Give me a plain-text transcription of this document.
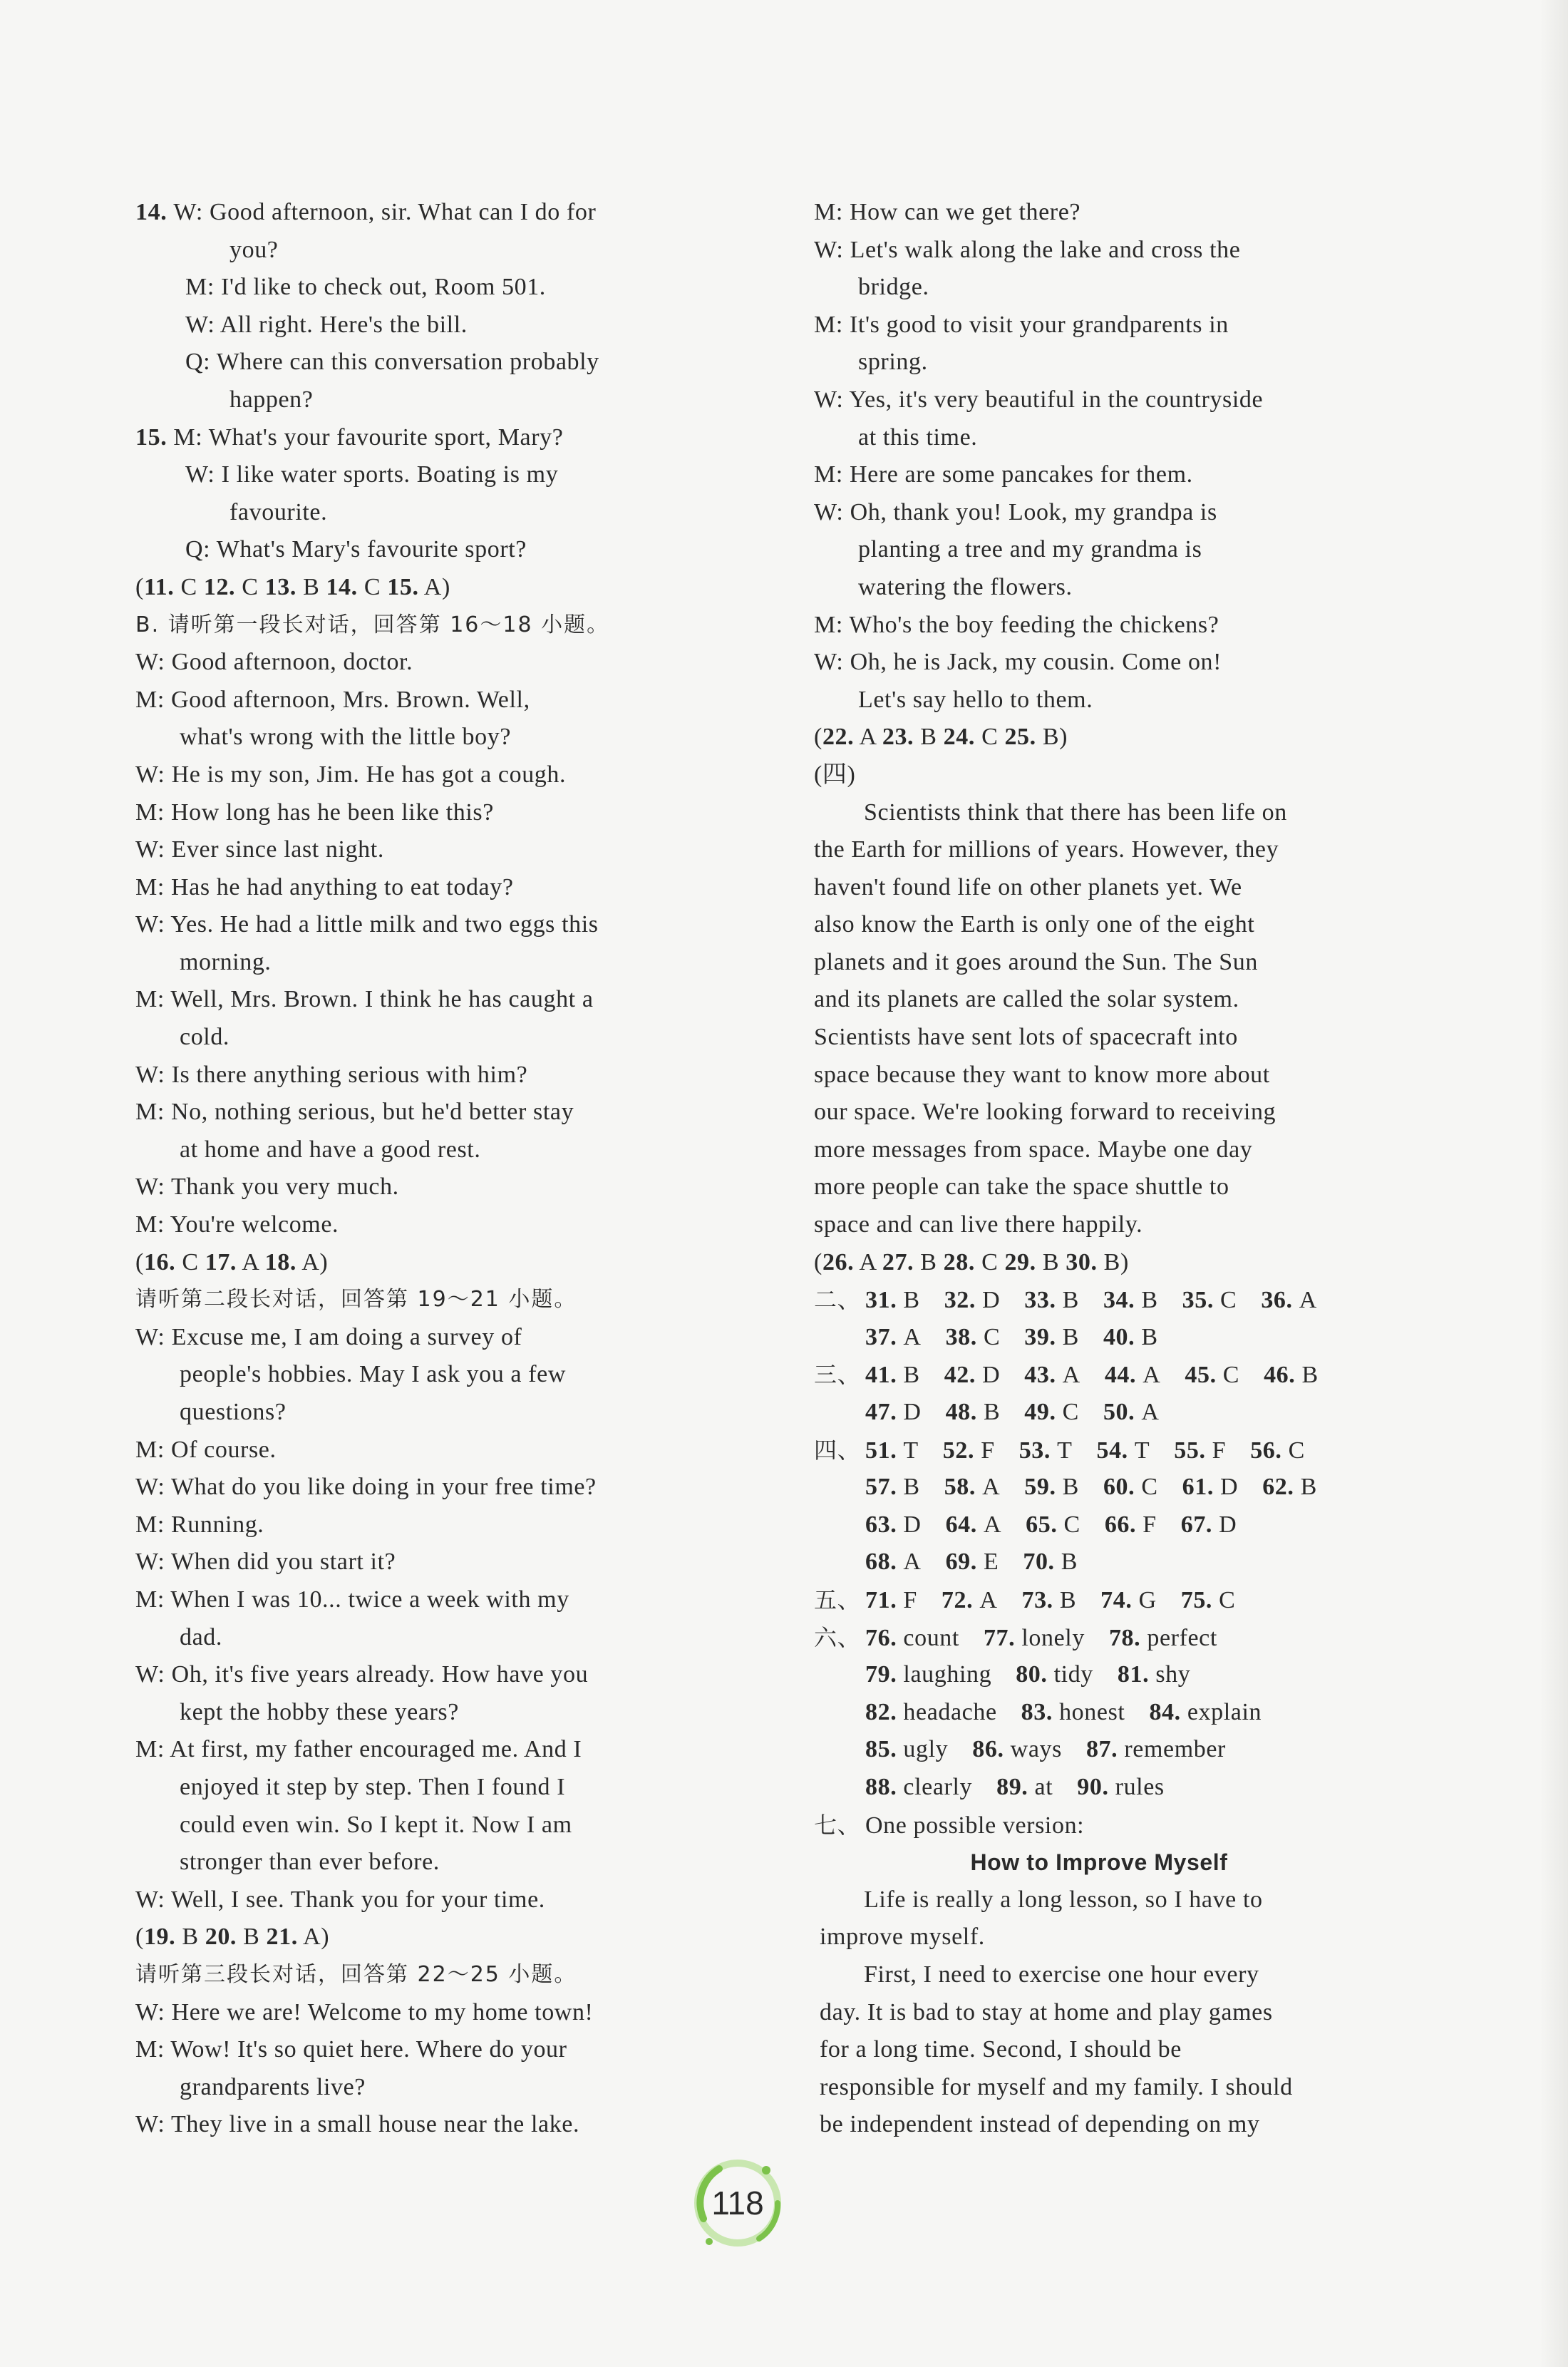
14. W: Good afternoon, sir. What can I do for
you?
M: I'd like to check out, Room 501.
W: All right. Here's the bill.
Q: Where can this conversation probably
happen?
15. M: What's your favourite sport, Mary?
W: I like water sports. Boating is my
favourite.
Q: What's Mary's favourite sport?
(11. C 12. C 13. B 14. C 15. A)
B. 请听第一段长对话，回答第 16～18 小题。
W: Good afternoon, doctor.
M: Good afternoon, Mrs. Brown. Well,
what's wrong with the little boy?
W: He is my son, Jim. He has got a cough.
M: How long has he been like this?
W: Ever since last night.
M: Has he had anything to eat today?
W: Yes. He had a little milk and two eggs this
morning.
M: Well, Mrs. Brown. I think he has caught a
cold.
W: Is there anything serious with him?
M: No, nothing serious, but he'd better stay
at home and have a good rest.
W: Thank you very much.
M: You're welcome.
(16. C 17. A 18. A)
请听第二段长对话，回答第 19～21 小题。
W: Excuse me, I am doing a survey of
people's hobbies. May I ask you a few
questions?
M: Of course.
W: What do you like doing in your free time?
M: Running.
W: When did you start it?
M: When I was 10... twice a week with my
dad.
W: Oh, it's five years already. How have you
kept the hobby these years?
M: At first, my father encouraged me. And I
enjoyed it step by step. Then I found I
could even win. So I kept it. Now I am
stronger than ever before.
W: Well, I see. Thank you for your time.
(19. B 20. B 21. A)
请听第三段长对话，回答第 22～25 小题。
W: Here we are! Welcome to my home town!
M: Wow! It's so quiet here. Where do your
grandparents live?
W: They live in a small house near the lake.
M: How can we get there?
W: Let's walk along the lake and cross the
bridge.
M: It's good to visit your grandparents in
spring.
W: Yes, it's very beautiful in the countryside
at this time.
M: Here are some pancakes for them.
W: Oh, thank you! Look, my grandpa is
planting a tree and my grandma is
watering the flowers.
M: Who's the boy feeding the chickens?
W: Oh, he is Jack, my cousin. Come on!
Let's say hello to them.
(22. A 23. B 24. C 25. B)
(四)
Scientists think that there has been life on
the Earth for millions of years. However, they
haven't found life on other planets yet. We
also know the Earth is only one of the eight
planets and it goes around the Sun. The Sun
and its planets are called the solar system.
Scientists have sent lots of spacecraft into
space because they want to know more about
our space. We're looking forward to receiving
more messages from space. Maybe one day
more people can take the space shuttle to
space and can live there happily.
(26. A 27. B 28. C 29. B 30. B)
二、 31. B 32. D 33. B 34. B 35. C 36. A
37. A 38. C 39. B 40. B
三、 41. B 42. D 43. A 44. A 45. C 46. B
47. D 48. B 49. C 50. A
四、 51. T 52. F 53. T 54. T 55. F 56. C
57. B 58. A 59. B 60. C 61. D 62. B
63. D 64. A 65. C 66. F 67. D
68. A 69. E 70. B
五、 71. F 72. A 73. B 74. G 75. C
六、 76. count 77. lonely 78. perfect
79. laughing 80. tidy 81. shy
82. headache 83. honest 84. explain
85. ugly 86. ways 87. remember
88. clearly 89. at 90. rules
七、 One possible version:
How to Improve Myself
Life is really a long lesson, so I have to
improve myself.
First, I need to exercise one hour every
day. It is bad to stay at home and play games
for a long time. Second, I should be
responsible for myself and my family. I should
be independent instead of depending on my
118
